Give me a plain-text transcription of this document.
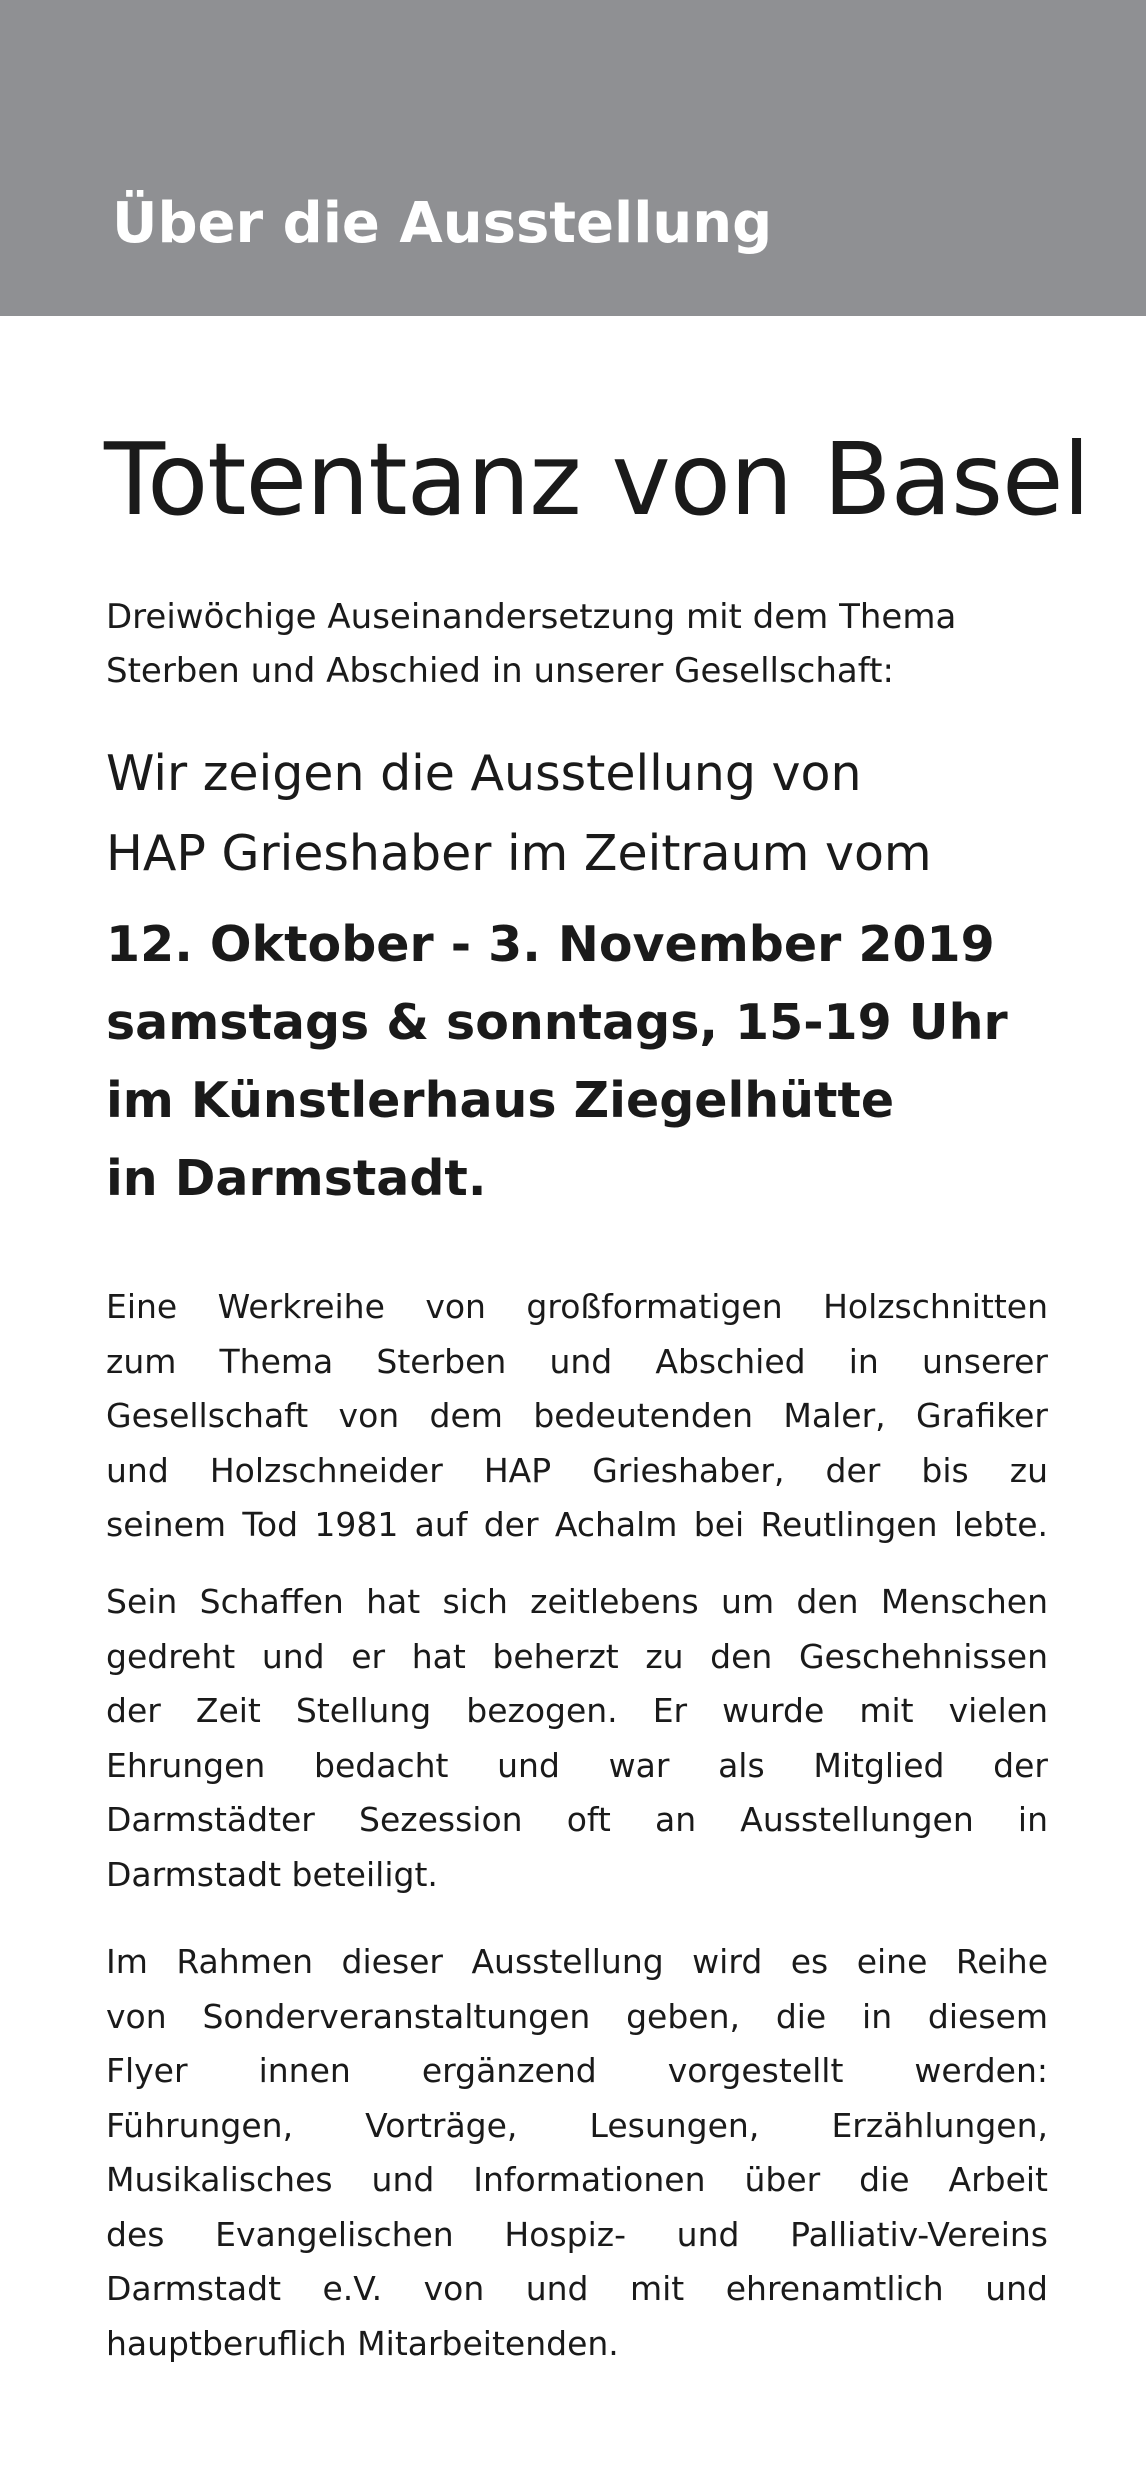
Über die Ausstellung
Totentanz von Basel
Dreiwöchige Auseinandersetzung mit dem Thema
Sterben und Abschied in unserer Gesellschaft:
Wir zeigen die Ausstellung von
HAP Grieshaber im Zeitraum vom
12. Oktober - 3. November 2019
samstags & sonntags, 15-19 Uhr
im Künstlerhaus Ziegelhütte
in Darmstadt.
Eine Werkreihe von großformatigen Holzschnitten
zum Thema Sterben und Abschied in unserer
Gesellschaft von dem bedeutenden Maler, Grafiker
und Holzschneider HAP Grieshaber, der bis zu
seinem Tod 1981 auf der Achalm bei Reutlingen lebte.
Sein Schaffen hat sich zeitlebens um den Menschen
gedreht und er hat beherzt zu den Geschehnissen
der Zeit Stellung bezogen. Er wurde mit vielen
Ehrungen bedacht und war als Mitglied der
Darmstädter Sezession oft an Ausstellungen in
Darmstadt beteiligt.
Im Rahmen dieser Ausstellung wird es eine Reihe
von Sonderveranstaltungen geben, die in diesem
Flyer innen ergänzend vorgestellt werden:
Führungen, Vorträge, Lesungen, Erzählungen,
Musikalisches und Informationen über die Arbeit
des Evangelischen Hospiz- und Palliativ-Vereins
Darmstadt e.V. von und mit ehrenamtlich und
hauptberuflich Mitarbeitenden.
